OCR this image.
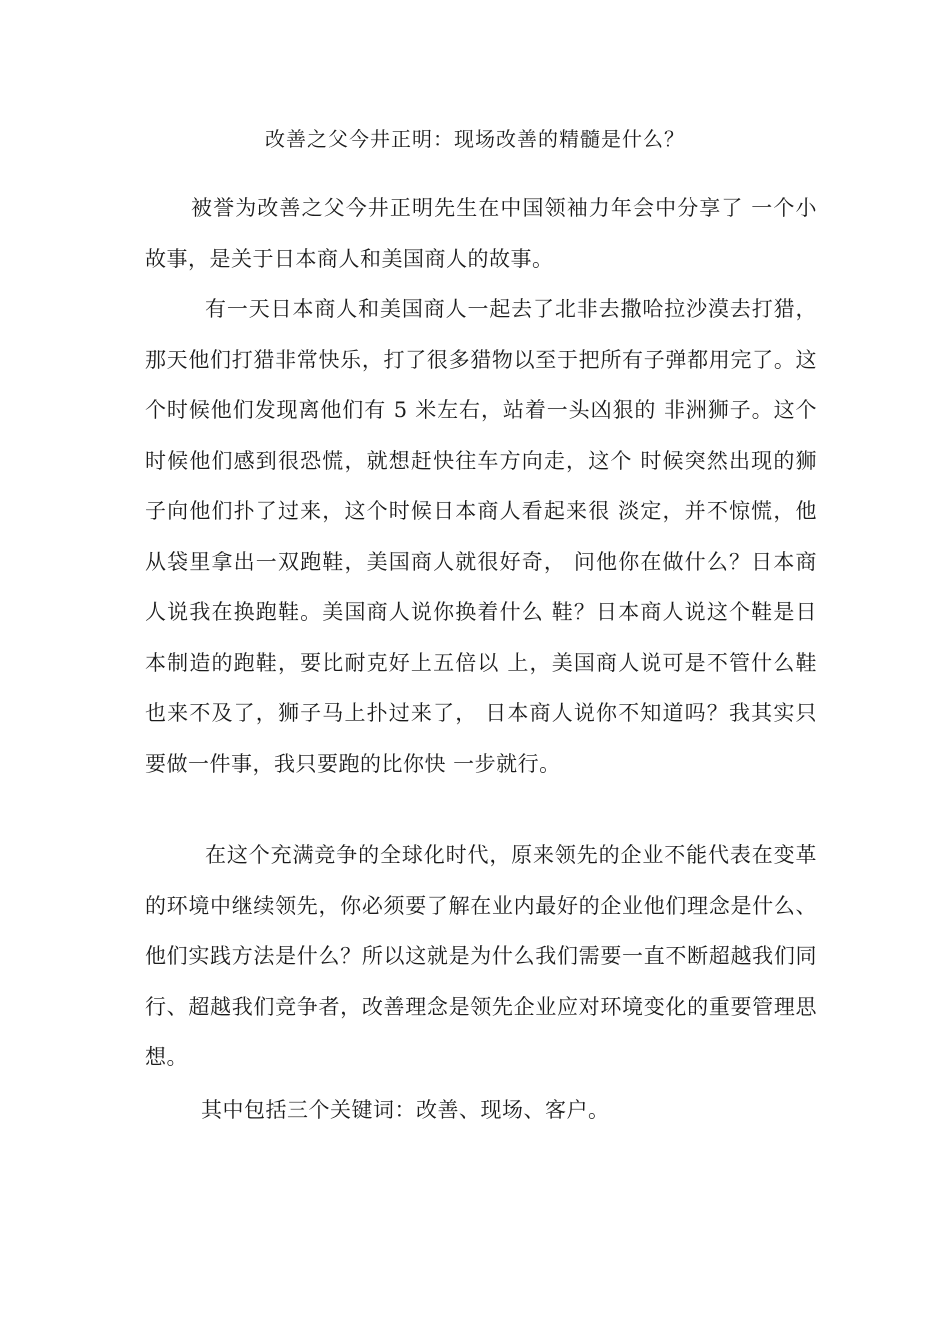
改善之父今井正明：现场改善的精髓是什么？

被誉为改善之父今井正明先生在中国领袖力年会中分享了 一个小故事，是关于日本商人和美国商人的故事。

有一天日本商人和美国商人一起去了北非去撒哈拉沙漠去打猎，那天他们打猎非常快乐，打了很多猎物以至于把所有子弹都用完了。这个时候他们发现离他们有 5 米左右，站着一头凶狠的 非洲狮子。这个时候他们感到很恐慌，就想赶快往车方向走，这个 时候突然出现的狮子向他们扑了过来，这个时候日本商人看起来很 淡定，并不惊慌，他从袋里拿出一双跑鞋，美国商人就很好奇， 问他你在做什么？日本商人说我在换跑鞋。美国商人说你换着什么 鞋？日本商人说这个鞋是日本制造的跑鞋，要比耐克好上五倍以 上，美国商人说可是不管什么鞋也来不及了，狮子马上扑过来了， 日本商人说你不知道吗？我其实只要做一件事，我只要跑的比你快 一步就行。

在这个充满竞争的全球化时代，原来领先的企业不能代表在变革的环境中继续领先，你必须要了解在业内最好的企业他们理念是什么、他们实践方法是什么？所以这就是为什么我们需要一直不断超越我们同行、超越我们竞争者，改善理念是领先企业应对环境变化的重要管理思想。

其中包括三个关键词：改善、现场、客户。
